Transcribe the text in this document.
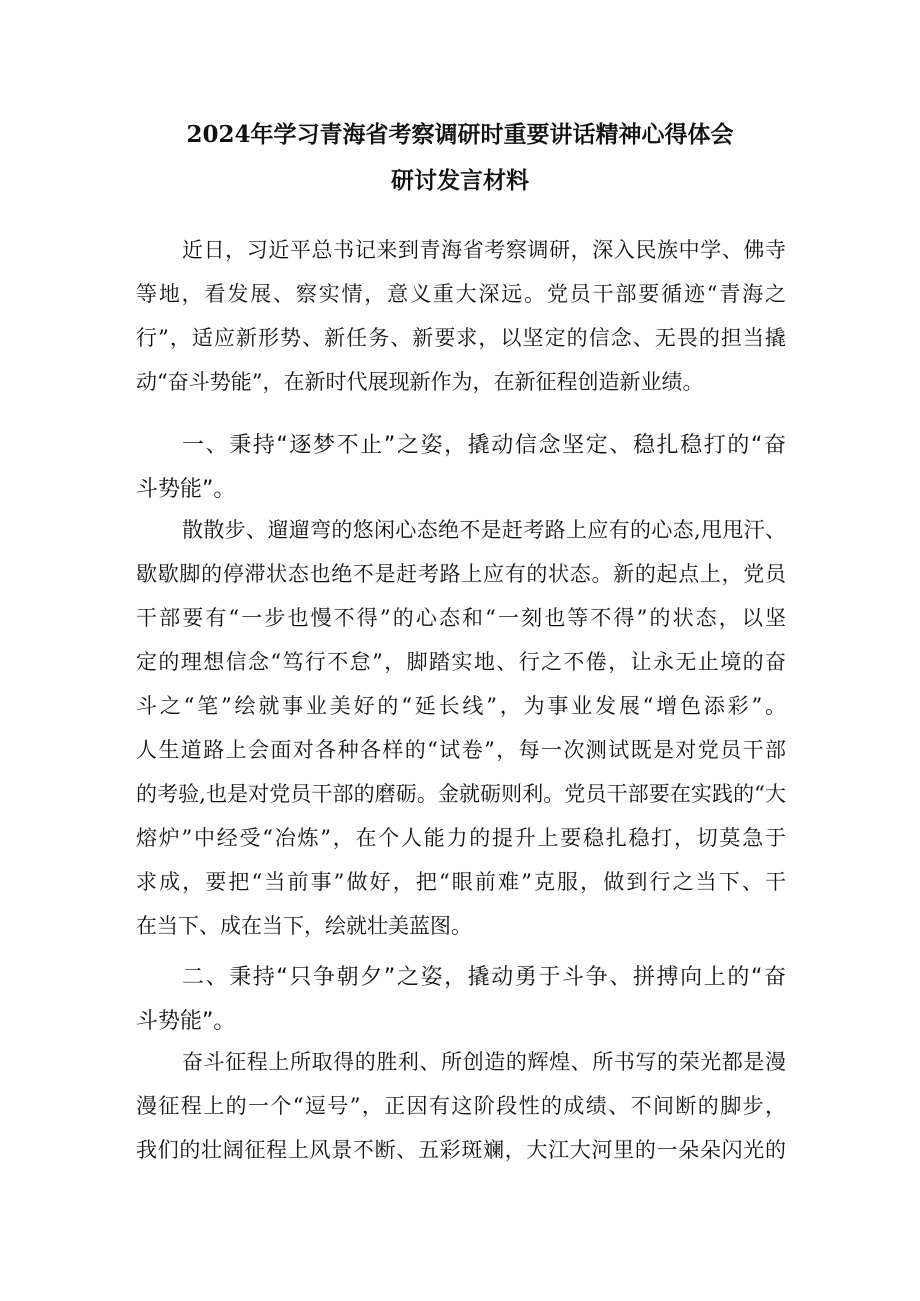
2024年学习青海省考察调研时重要讲话精神心得体会
研讨发言材料
近日，习近平总书记来到青海省考察调研，深入民族中学、佛寺
等地，看发展、察实情，意义重大深远。党员干部要循迹“青海之
行”，适应新形势、新任务、新要求，以坚定的信念、无畏的担当撬
动“奋斗势能”，在新时代展现新作为，在新征程创造新业绩。
一、秉持“逐梦不止”之姿，撬动信念坚定、稳扎稳打的“奋
斗势能”。
散散步、遛遛弯的悠闲心态绝不是赶考路上应有的心态,甩甩汗、
歇歇脚的停滞状态也绝不是赶考路上应有的状态。新的起点上，党员
干部要有“一步也慢不得”的心态和“一刻也等不得”的状态，以坚
定的理想信念“笃行不怠”，脚踏实地、行之不倦，让永无止境的奋
斗之“笔”绘就事业美好的“延长线”，为事业发展“增色添彩”。
人生道路上会面对各种各样的“试卷”，每一次测试既是对党员干部
的考验,也是对党员干部的磨砺。金就砺则利。党员干部要在实践的“大
熔炉”中经受“冶炼”，在个人能力的提升上要稳扎稳打，切莫急于
求成，要把“当前事”做好，把“眼前难”克服，做到行之当下、干
在当下、成在当下，绘就壮美蓝图。
二、秉持“只争朝夕”之姿，撬动勇于斗争、拼搏向上的“奋
斗势能”。
奋斗征程上所取得的胜利、所创造的辉煌、所书写的荣光都是漫
漫征程上的一个“逗号”，正因有这阶段性的成绩、不间断的脚步，
我们的壮阔征程上风景不断、五彩斑斓，大江大河里的一朵朵闪光的
